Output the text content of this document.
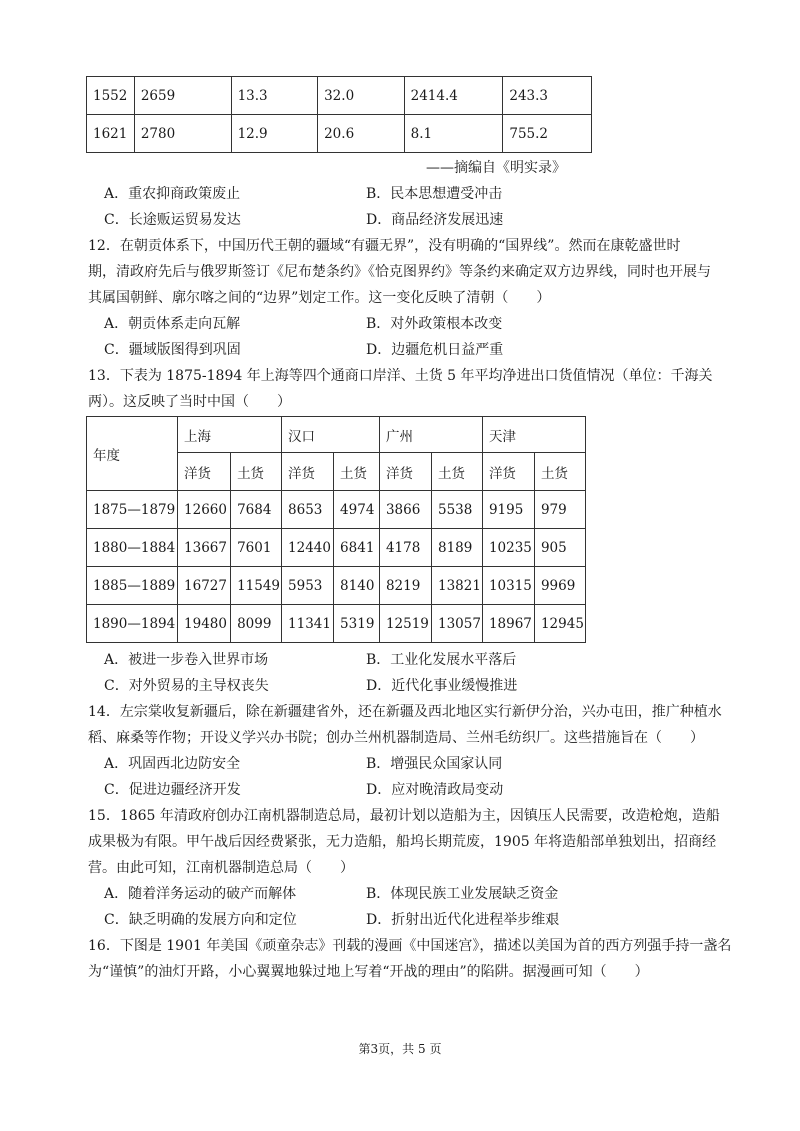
1552	2659	13.3	32.0	2414.4	243.3
1621	2780	12.9	20.6	8.1	755.2
——摘编自《明实录》
A．重农抑商政策废止	B．民本思想遭受冲击
C．长途贩运贸易发达	D．商品经济发展迅速
12．在朝贡体系下，中国历代王朝的疆域“有疆无界”，没有明确的“国界线”。然而在康乾盛世时
期，清政府先后与俄罗斯签订《尼布楚条约》《恰克图界约》等条约来确定双方边界线，同时也开展与
其属国朝鲜、廓尔喀之间的“边界”划定工作。这一变化反映了清朝（　　）
A．朝贡体系走向瓦解	B．对外政策根本改变
C．疆域版图得到巩固	D．边疆危机日益严重
13．下表为 1875-1894 年上海等四个通商口岸洋、土货 5 年平均净进出口货值情况（单位：千海关
两）。这反映了当时中国（　　）
年度	上海		汉口		广州		天津	
	洋货	土货	洋货	土货	洋货	土货	洋货	土货
1875—1879	12660	7684	8653	4974	3866	5538	9195	979
1880—1884	13667	7601	12440	6841	4178	8189	10235	905
1885—1889	16727	11549	5953	8140	8219	13821	10315	9969
1890—1894	19480	8099	11341	5319	12519	13057	18967	12945
A．被进一步卷入世界市场	B．工业化发展水平落后
C．对外贸易的主导权丧失	D．近代化事业缓慢推进
14．左宗棠收复新疆后，除在新疆建省外，还在新疆及西北地区实行新伊分治，兴办屯田，推广种植水
稻、麻桑等作物；开设义学兴办书院；创办兰州机器制造局、兰州毛纺织厂。这些措施旨在（　　）
A．巩固西北边防安全	B．增强民众国家认同
C．促进边疆经济开发	D．应对晚清政局变动
15．1865 年清政府创办江南机器制造总局，最初计划以造船为主，因镇压人民需要，改造枪炮，造船
成果极为有限。甲午战后因经费紧张，无力造船，船坞长期荒废，1905 年将造船部单独划出，招商经
营。由此可知，江南机器制造总局（　　）
A．随着洋务运动的破产而解体	B．体现民族工业发展缺乏资金
C．缺乏明确的发展方向和定位	D．折射出近代化进程举步维艰
16．下图是 1901 年美国《顽童杂志》刊载的漫画《中国迷宫》，描述以美国为首的西方列强手持一盏名
为“谨慎”的油灯开路，小心翼翼地躲过地上写着“开战的理由”的陷阱。据漫画可知（　　）
第3页，共 5 页
